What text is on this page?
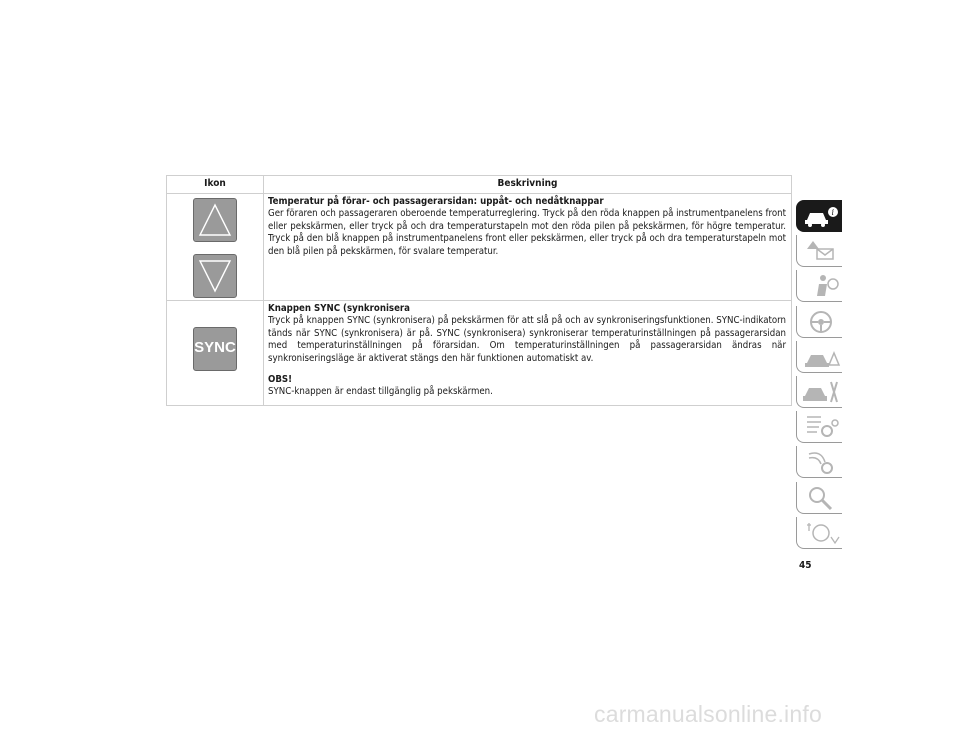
Ikon	Beskrivning

Temperatur på förar- och passagerarsidan: uppåt- och nedåtknappar
Ger föraren och passageraren oberoende temperaturreglering. Tryck på den röda knappen på instrumentpanelens front eller pekskärmen, eller tryck på och dra temperaturstapeln mot den röda pilen på pekskärmen, för högre temperatur. Tryck på den blå knappen på instrumentpanelens front eller pekskärmen, eller tryck på och dra temperaturstapeln mot den blå pilen på pekskärmen, för svalare temperatur.

SYNC	Knappen SYNC (synkronisera
Tryck på knappen SYNC (synkronisera) på pekskärmen för att slå på och av synkroniseringsfunktionen. SYNC-indikatorn tänds när SYNC (synkronisera) är på. SYNC (synkronisera) synkroniserar temperaturinställningen på passagerarsidan med temperaturinställningen på förarsidan. Om temperaturinställningen på passagerarsidan ändras när synkroniseringsläge är aktiverat stängs den här funktionen automatiskt av.
OBS!
SYNC-knappen är endast tillgänglig på pekskärmen.
i
45
carmanualsonline.info
